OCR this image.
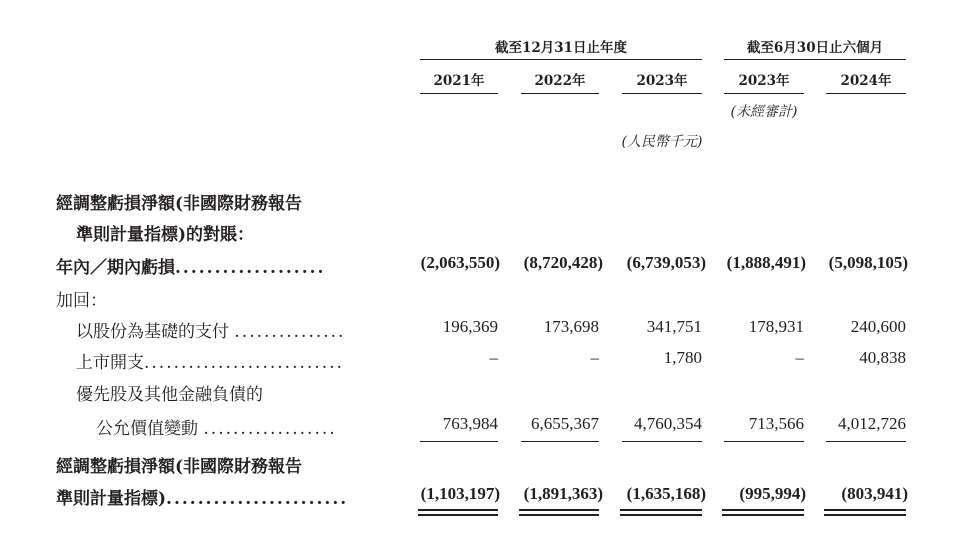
截至12月31日止年度	截至6月30日止六個月
2021年	2022年	2023年	2023年	2024年
(未經審計)
(人民幣千元)
經調整虧損淨額(非國際財務報告
準則計量指標)的對賬：
年內／期內虧損...................	(2,063,550)	(8,720,428)	(6,739,053)	(1,888,491)	(5,098,105)
加回：
以股份為基礎的支付 ...............	196,369	173,698	341,751	178,931	240,600
上市開支...........................	–	–	1,780	–	40,838
優先股及其他金融負債的
公允價值變動 ..................	763,984	6,655,367	4,760,354	713,566	4,012,726
經調整虧損淨額(非國際財務報告
準則計量指標).......................	(1,103,197)	(1,891,363)	(1,635,168)	(995,994)	(803,941)
